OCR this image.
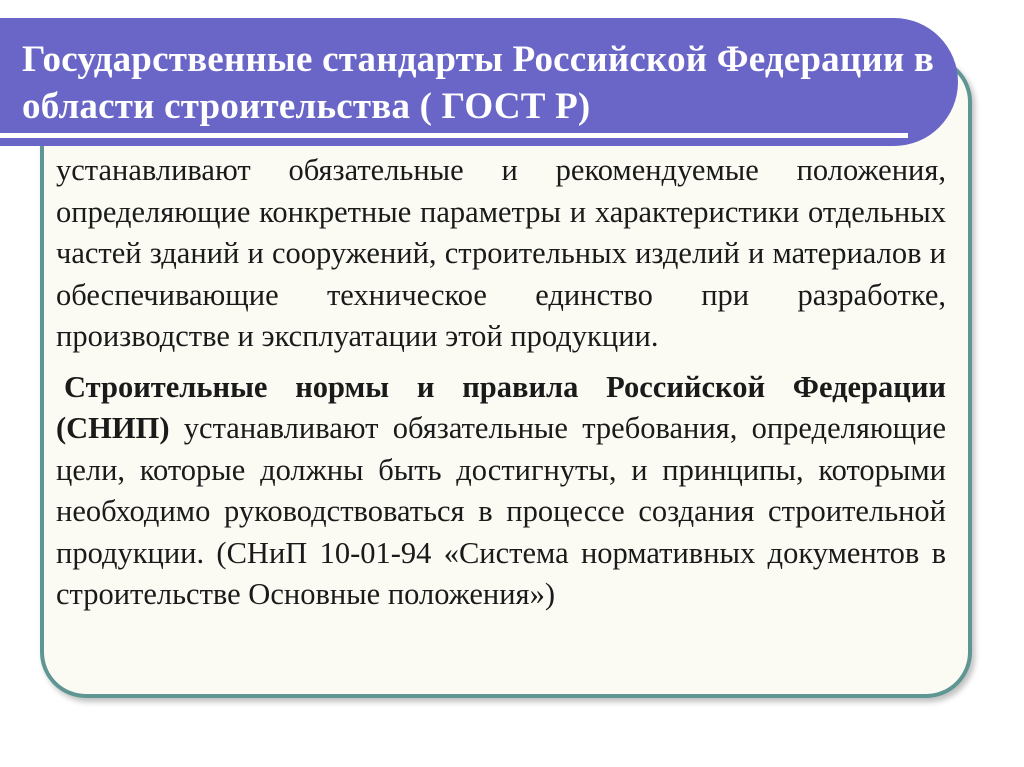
Государственные стандарты Российской Федерации в области строительства ( ГОСТ Р)

устанавливают обязательные и рекомендуемые положения, определяющие конкретные параметры и характеристики отдельных частей зданий и сооружений, строительных изделий и материалов и обеспечивающие техническое единство при разработке, производстве и эксплуатации этой продукции.

Строительные нормы и правила Российской Федерации (СНИП) устанавливают обязательные требования, определяющие цели, которые должны быть достигнуты, и принципы, которыми необходимо руководствоваться в процессе создания строительной продукции. (СНиП 10-01-94 «Система нормативных документов в строительстве Основные положения»)
